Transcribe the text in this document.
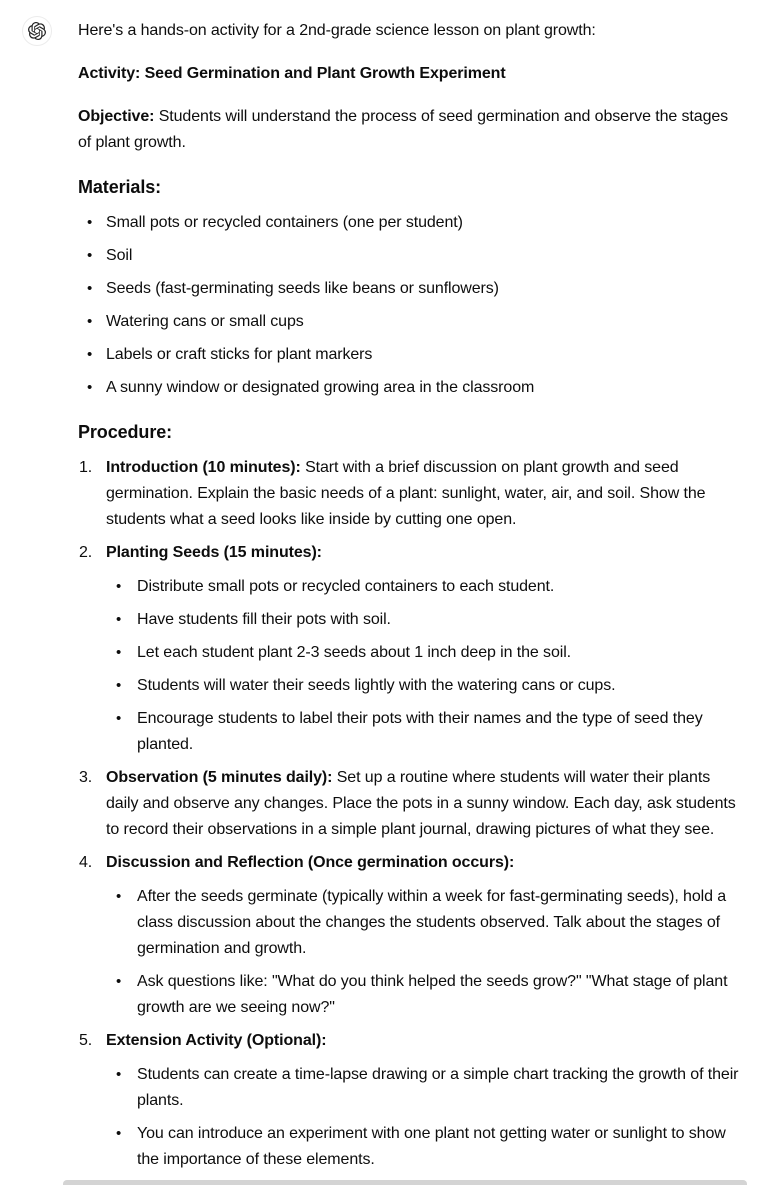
Here's a hands-on activity for a 2nd-grade science lesson on plant growth:

Activity: Seed Germination and Plant Growth Experiment

Objective: Students will understand the process of seed germination and observe the stages of plant growth.

Materials:
• Small pots or recycled containers (one per student)
• Soil
• Seeds (fast-germinating seeds like beans or sunflowers)
• Watering cans or small cups
• Labels or craft sticks for plant markers
• A sunny window or designated growing area in the classroom
Procedure:
1. Introduction (10 minutes): Start with a brief discussion on plant growth and seed germination. Explain the basic needs of a plant: sunlight, water, air, and soil. Show the students what a seed looks like inside by cutting one open.
2. Planting Seeds (15 minutes):
• Distribute small pots or recycled containers to each student.
• Have students fill their pots with soil.
• Let each student plant 2-3 seeds about 1 inch deep in the soil.
• Students will water their seeds lightly with the watering cans or cups.
• Encourage students to label their pots with their names and the type of seed they planted.
3. Observation (5 minutes daily): Set up a routine where students will water their plants daily and observe any changes. Place the pots in a sunny window. Each day, ask students to record their observations in a simple plant journal, drawing pictures of what they see.
4. Discussion and Reflection (Once germination occurs):
• After the seeds germinate (typically within a week for fast-germinating seeds), hold a class discussion about the changes the students observed. Talk about the stages of germination and growth.
• Ask questions like: "What do you think helped the seeds grow?" "What stage of plant growth are we seeing now?"
5. Extension Activity (Optional):
• Students can create a time-lapse drawing or a simple chart tracking the growth of their plants.
• You can introduce an experiment with one plant not getting water or sunlight to show the importance of these elements.
